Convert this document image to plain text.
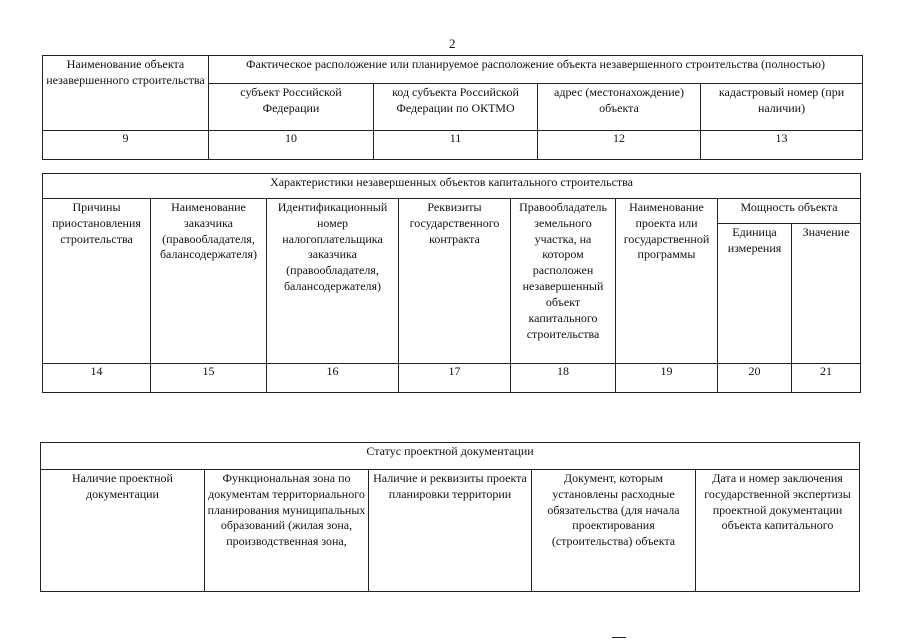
2
Наименование объекта незавершенного строительства	Фактическое расположение или планируемое расположение объекта незавершенного строительства (полностью)			
	субъект Российской Федерации	код субъекта Российской Федерации по ОКТМО	адрес (местонахождение) объекта	кадастровый номер (при наличии)
9	10	11	12	13
Характеристики незавершенных объектов капитального строительства							
Причины приостановления строительства	Наименование заказчика (правообладателя, балансодержателя)	Идентификационный номер налогоплательщика заказчика (правообладателя, балансодержателя)	Реквизиты государственного контракта	Правообладатель земельного участка, на котором расположен незавершенный объект капитального строительства	Наименование проекта или государственной программы	Мощность объекта	
						Единица измерения	Значение
14	15	16	17	18	19	20	21
Статус проектной документации
Наличие проектной документации	Функциональная зона по документам территориального планирования муниципальных образований (жилая зона, производственная зона,	Наличие и реквизиты проекта планировки территории	Документ, которым установлены расходные обязательства (для начала проектирования (строительства) объекта	Дата и номер заключения государственной экспертизы проектной документации объекта капитального
